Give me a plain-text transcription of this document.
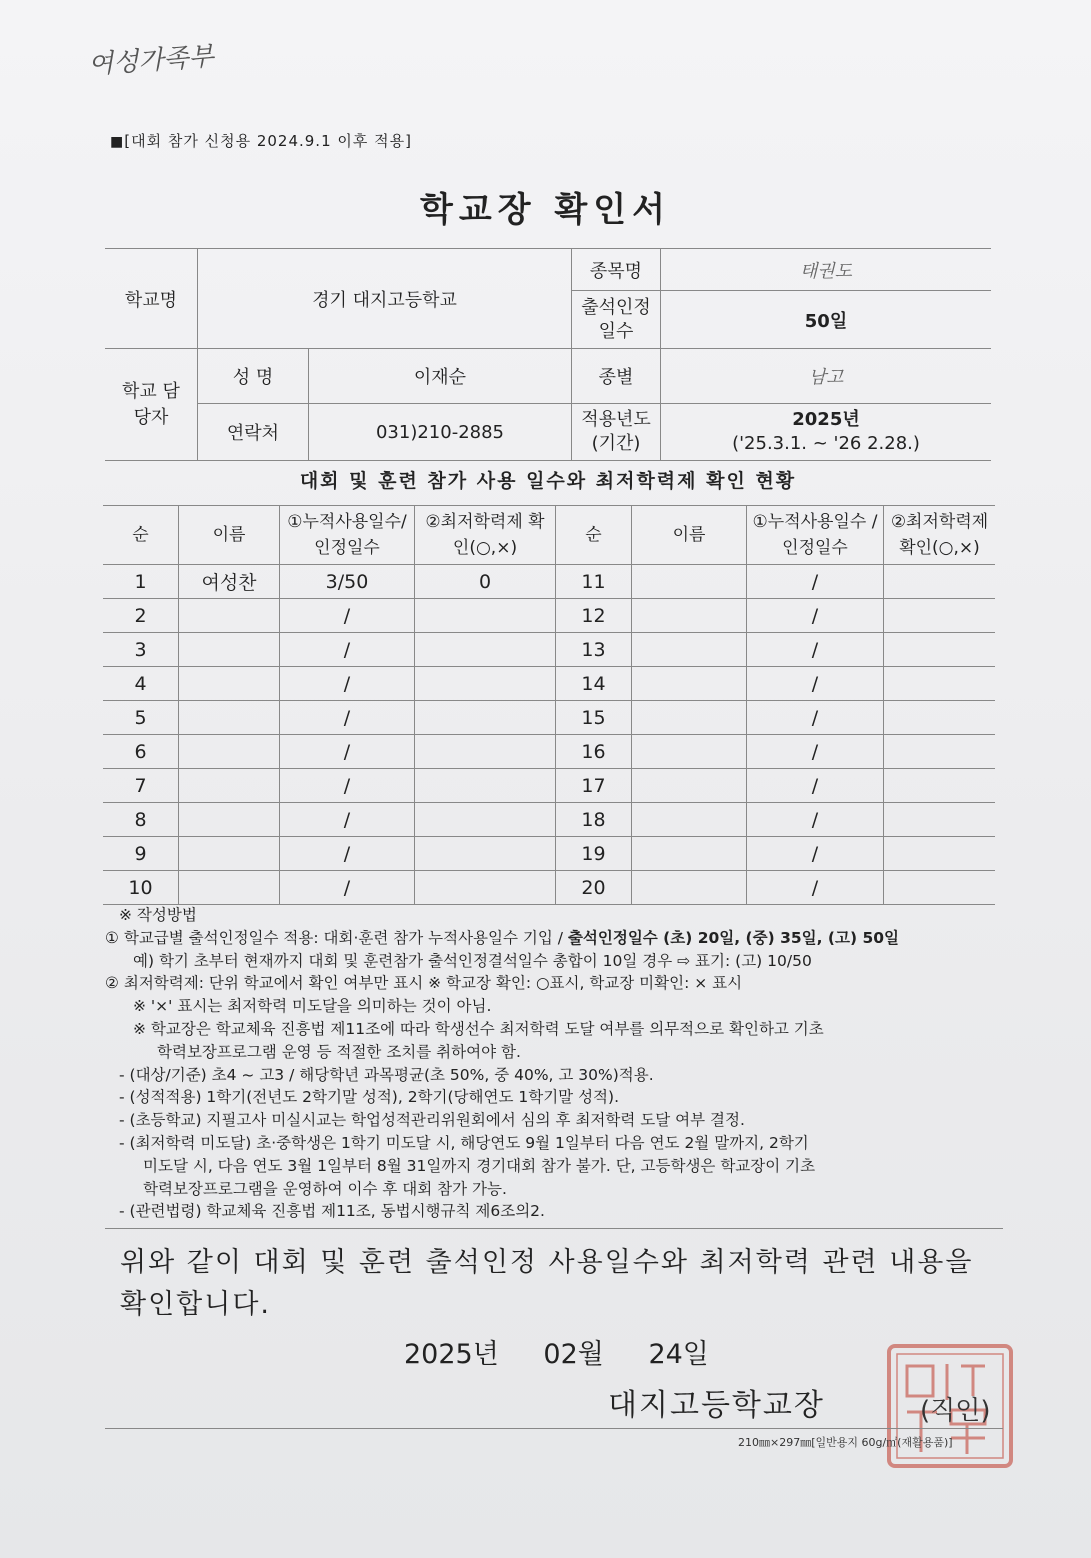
여성가족부
■[대회 참가 신청용 2024.9.1 이후 적용]
학교장 확인서
학교명	경기 대지고등학교		종목명	태권도
			출석인정 일수	50일
학교 담당자	성 명	이재순	종별	남고
	연락처	031)210-2885	적용년도 (기간)	2025년
('25.3.1. ~ '26 2.28.)
대회 및 훈련 참가 사용 일수와 최저학력제 확인 현황
순	이름	①누적사용일수/인정일수	②최저학력제 확인(○,×)	순	이름	①누적사용일수 /인정일수	②최저학력제 확인(○,×)
1	여성찬	3/50	0	11		/	
2		/		12		/	
3		/		13		/	
4		/		14		/	
5		/		15		/	
6		/		16		/	
7		/		17		/	
8		/		18		/	
9		/		19		/	
10		/		20		/	
※ 작성방법
① 학교급별 출석인정일수 적용: 대회·훈련 참가 누적사용일수 기입 / 출석인정일수 (초) 20일, (중) 35일, (고) 50일
예) 학기 초부터 현재까지 대회 및 훈련참가 출석인정결석일수 총합이 10일 경우 ⇨ 표기: (고) 10/50
② 최저학력제: 단위 학교에서 확인 여부만 표시 ※ 학교장 확인: ○표시, 학교장 미확인: × 표시
※ '×' 표시는 최저학력 미도달을 의미하는 것이 아님.
※ 학교장은 학교체육 진흥법 제11조에 따라 학생선수 최저학력 도달 여부를 의무적으로 확인하고 기초
학력보장프로그램 운영 등 적절한 조치를 취하여야 함.
- (대상/기준) 초4 ~ 고3 / 해당학년 과목평균(초 50%, 중 40%, 고 30%)적용.
- (성적적용) 1학기(전년도 2학기말 성적), 2학기(당해연도 1학기말 성적).
- (초등학교) 지필고사 미실시교는 학업성적관리위원회에서 심의 후 최저학력 도달 여부 결정.
- (최저학력 미도달) 초·중학생은 1학기 미도달 시, 해당연도 9월 1일부터 다음 연도 2월 말까지, 2학기
미도달 시, 다음 연도 3월 1일부터 8월 31일까지 경기대회 참가 불가. 단, 고등학생은 학교장이 기초
학력보장프로그램을 운영하여 이수 후 대회 참가 가능.
- (관련법령) 학교체육 진흥법 제11조, 동법시행규칙 제6조의2.
위와 같이 대회 및 훈련 출석인정 사용일수와 최저학력 관련 내용을
확인합니다.
2025년 02월 24일
대지고등학교장	(직인)
210㎜×297㎜[일반용지 60g/㎡(재활용품)]
